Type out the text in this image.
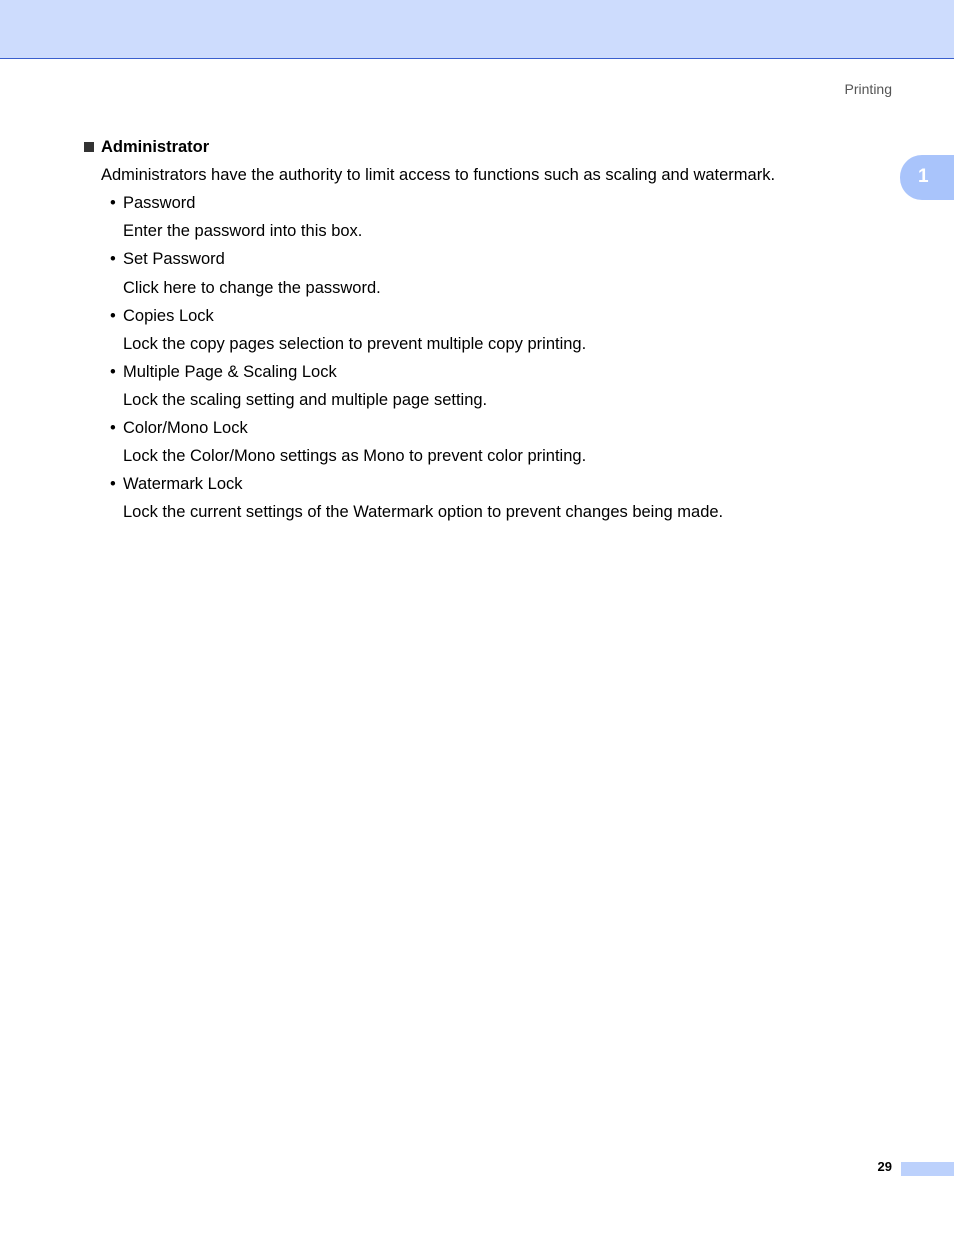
Printing
1
Administrator
Administrators have the authority to limit access to functions such as scaling and watermark.
• Password
Enter the password into this box.
• Set Password
Click here to change the password.
• Copies Lock
Lock the copy pages selection to prevent multiple copy printing.
• Multiple Page & Scaling Lock
Lock the scaling setting and multiple page setting.
• Color/Mono Lock
Lock the Color/Mono settings as Mono to prevent color printing.
• Watermark Lock
Lock the current settings of the Watermark option to prevent changes being made.
29
